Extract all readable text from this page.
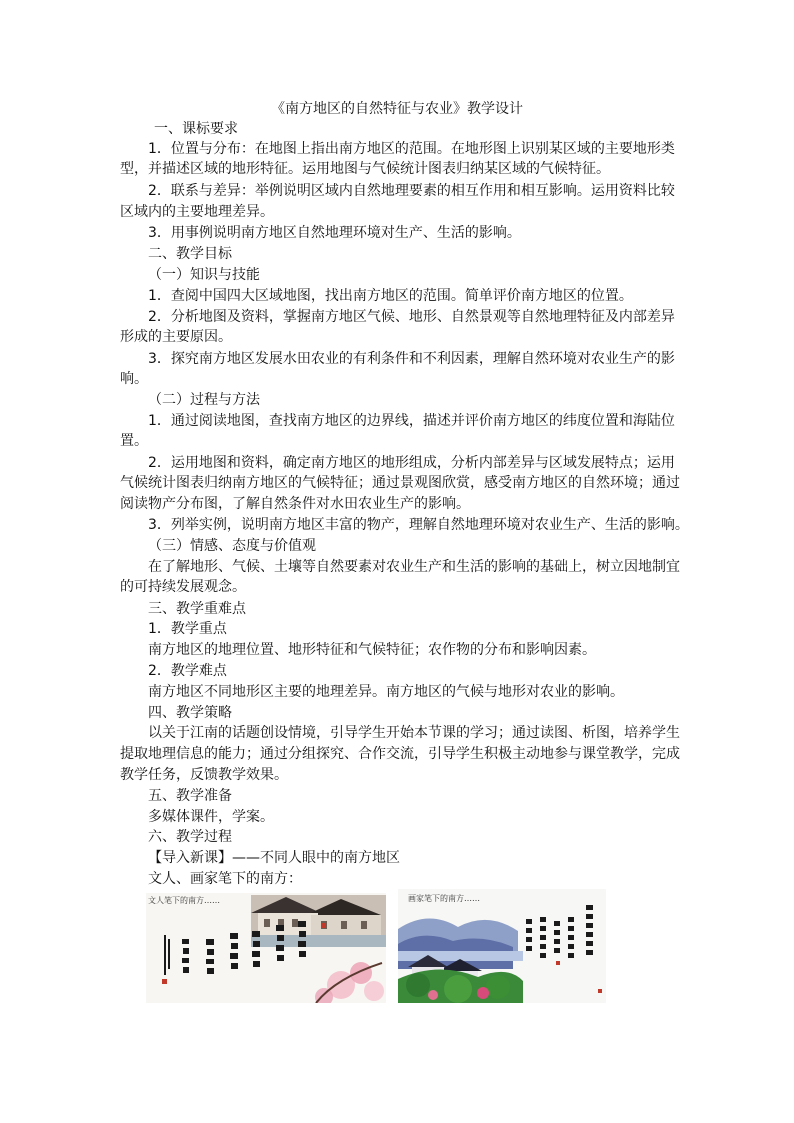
《南方地区的自然特征与农业》教学设计
一、课标要求
1．位置与分布：在地图上指出南方地区的范围。在地形图上识别某区域的主要地形类
型，并描述区域的地形特征。运用地图与气候统计图表归纳某区域的气候特征。
2．联系与差异：举例说明区域内自然地理要素的相互作用和相互影响。运用资料比较
区域内的主要地理差异。
3．用事例说明南方地区自然地理环境对生产、生活的影响。
二、教学目标
（一）知识与技能
1．查阅中国四大区域地图，找出南方地区的范围。简单评价南方地区的位置。
2．分析地图及资料，掌握南方地区气候、地形、自然景观等自然地理特征及内部差异
形成的主要原因。
3．探究南方地区发展水田农业的有利条件和不利因素，理解自然环境对农业生产的影
响。
（二）过程与方法
1．通过阅读地图，查找南方地区的边界线，描述并评价南方地区的纬度位置和海陆位
置。
2．运用地图和资料，确定南方地区的地形组成，分析内部差异与区域发展特点；运用
气候统计图表归纳南方地区的气候特征；通过景观图欣赏，感受南方地区的自然环境；通过
阅读物产分布图，了解自然条件对水田农业生产的影响。
3．列举实例，说明南方地区丰富的物产，理解自然地理环境对农业生产、生活的影响。
（三）情感、态度与价值观
在了解地形、气候、土壤等自然要素对农业生产和生活的影响的基础上，树立因地制宜
的可持续发展观念。
三、教学重难点
1．教学重点
南方地区的地理位置、地形特征和气候特征；农作物的分布和影响因素。
2．教学难点
南方地区不同地形区主要的地理差异。南方地区的气候与地形对农业的影响。
四、教学策略
以关于江南的话题创设情境，引导学生开始本节课的学习；通过读图、析图，培养学生
提取地理信息的能力；通过分组探究、合作交流，引导学生积极主动地参与课堂教学，完成
教学任务，反馈教学效果。
五、教学准备
多媒体课件，学案。
六、教学过程
【导入新课】——不同人眼中的南方地区
文人、画家笔下的南方：
文人笔下的南方……	画家笔下的南方……
